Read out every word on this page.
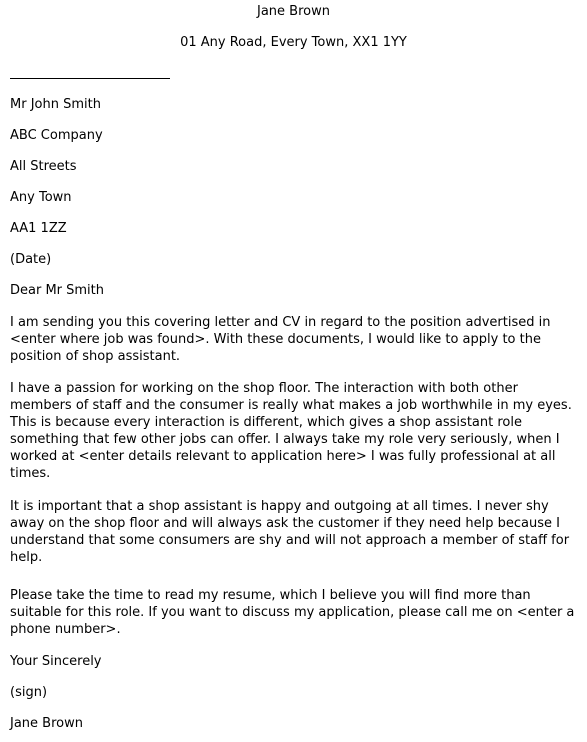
Jane Brown
01 Any Road, Every Town, XX1 1YY
Mr John Smith
ABC Company
All Streets
Any Town
AA1 1ZZ
(Date)
Dear Mr Smith

I am sending you this covering letter and CV in regard to the position advertised in <enter where job was found>. With these documents, I would like to apply to the position of shop assistant.

I have a passion for working on the shop floor. The interaction with both other members of staff and the consumer is really what makes a job worthwhile in my eyes. This is because every interaction is different, which gives a shop assistant role something that few other jobs can offer. I always take my role very seriously, when I worked at <enter details relevant to application here> I was fully professional at all times.

It is important that a shop assistant is happy and outgoing at all times. I never shy away on the shop floor and will always ask the customer if they need help because I understand that some consumers are shy and will not approach a member of staff for help.

Please take the time to read my resume, which I believe you will find more than suitable for this role. If you want to discuss my application, please call me on <enter a phone number>.

Your Sincerely
(sign)
Jane Brown
